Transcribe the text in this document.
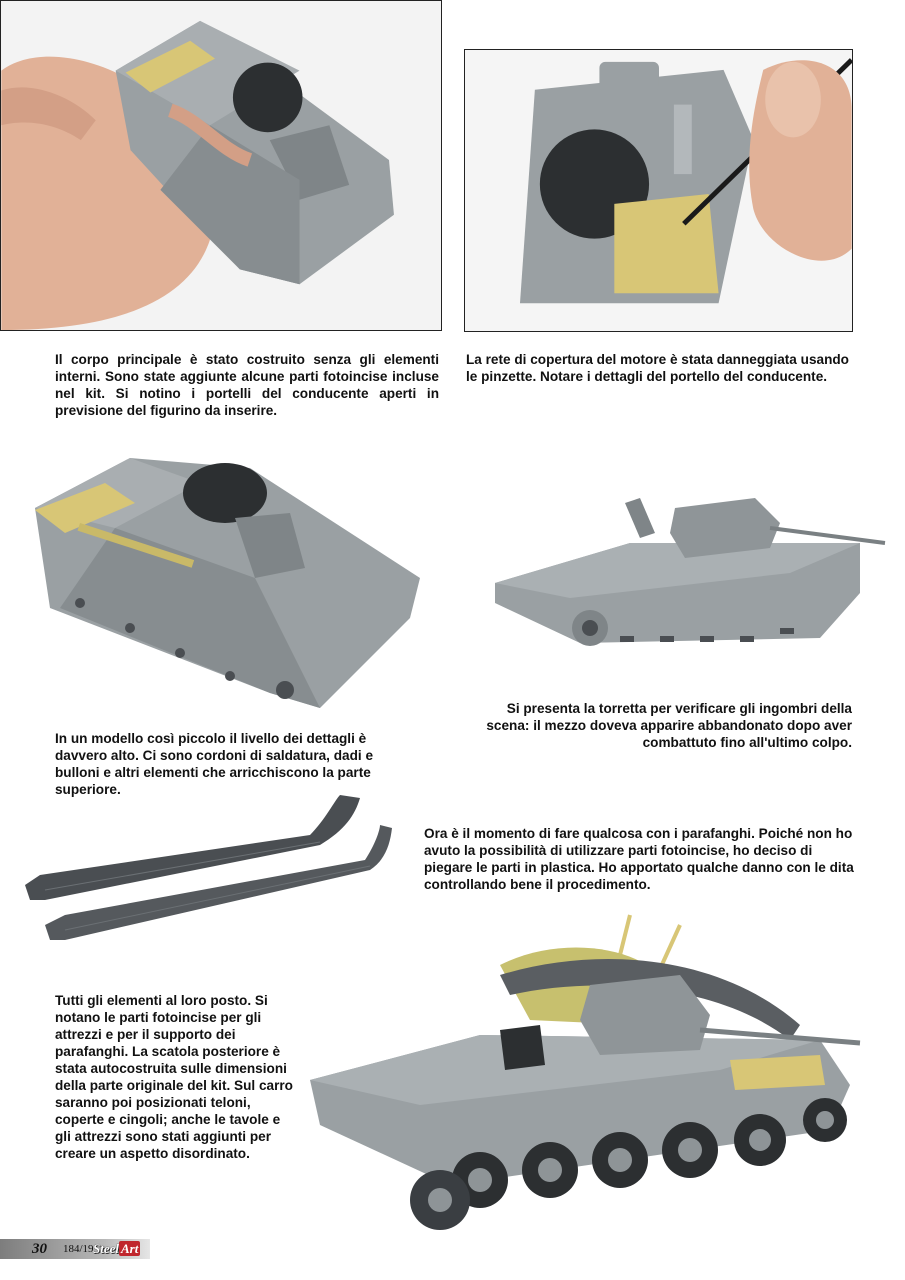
Il corpo principale è stato costruito senza gli elementi interni. Sono state aggiunte alcune parti fotoincise incluse nel kit. Si notino i portelli del conducente aperti in previsione del figurino da inserire.

La rete di copertura del motore è stata danneggiata usando le pinzette. Notare i dettagli del portello del conducente.

In un modello così piccolo il livello dei dettagli è davvero alto. Ci sono cordoni di saldatura, dadi e bulloni e altri elementi che arricchiscono la parte superiore.

Si presenta la torretta per verificare gli ingombri della scena: il mezzo doveva apparire abbandonato dopo aver combattuto fino all'ultimo colpo.

Ora è il momento di fare qualcosa con i parafanghi. Poiché non ho avuto la possibilità di utilizzare parti fotoincise, ho deciso di piegare le parti in plastica. Ho apportato qualche danno con le dita controllando bene il procedimento.

Tutti gli elementi al loro posto. Si notano le parti fotoincise per gli attrezzi e per il supporto dei parafanghi. La scatola posteriore è stata autocostruita sulle dimensioni della parte originale del kit. Sul carro saranno poi posizionati teloni, coperte e cingoli; anche le tavole e gli attrezzi sono stati aggiunti per creare un aspetto disordinato.

30 184/19 Steel Art
